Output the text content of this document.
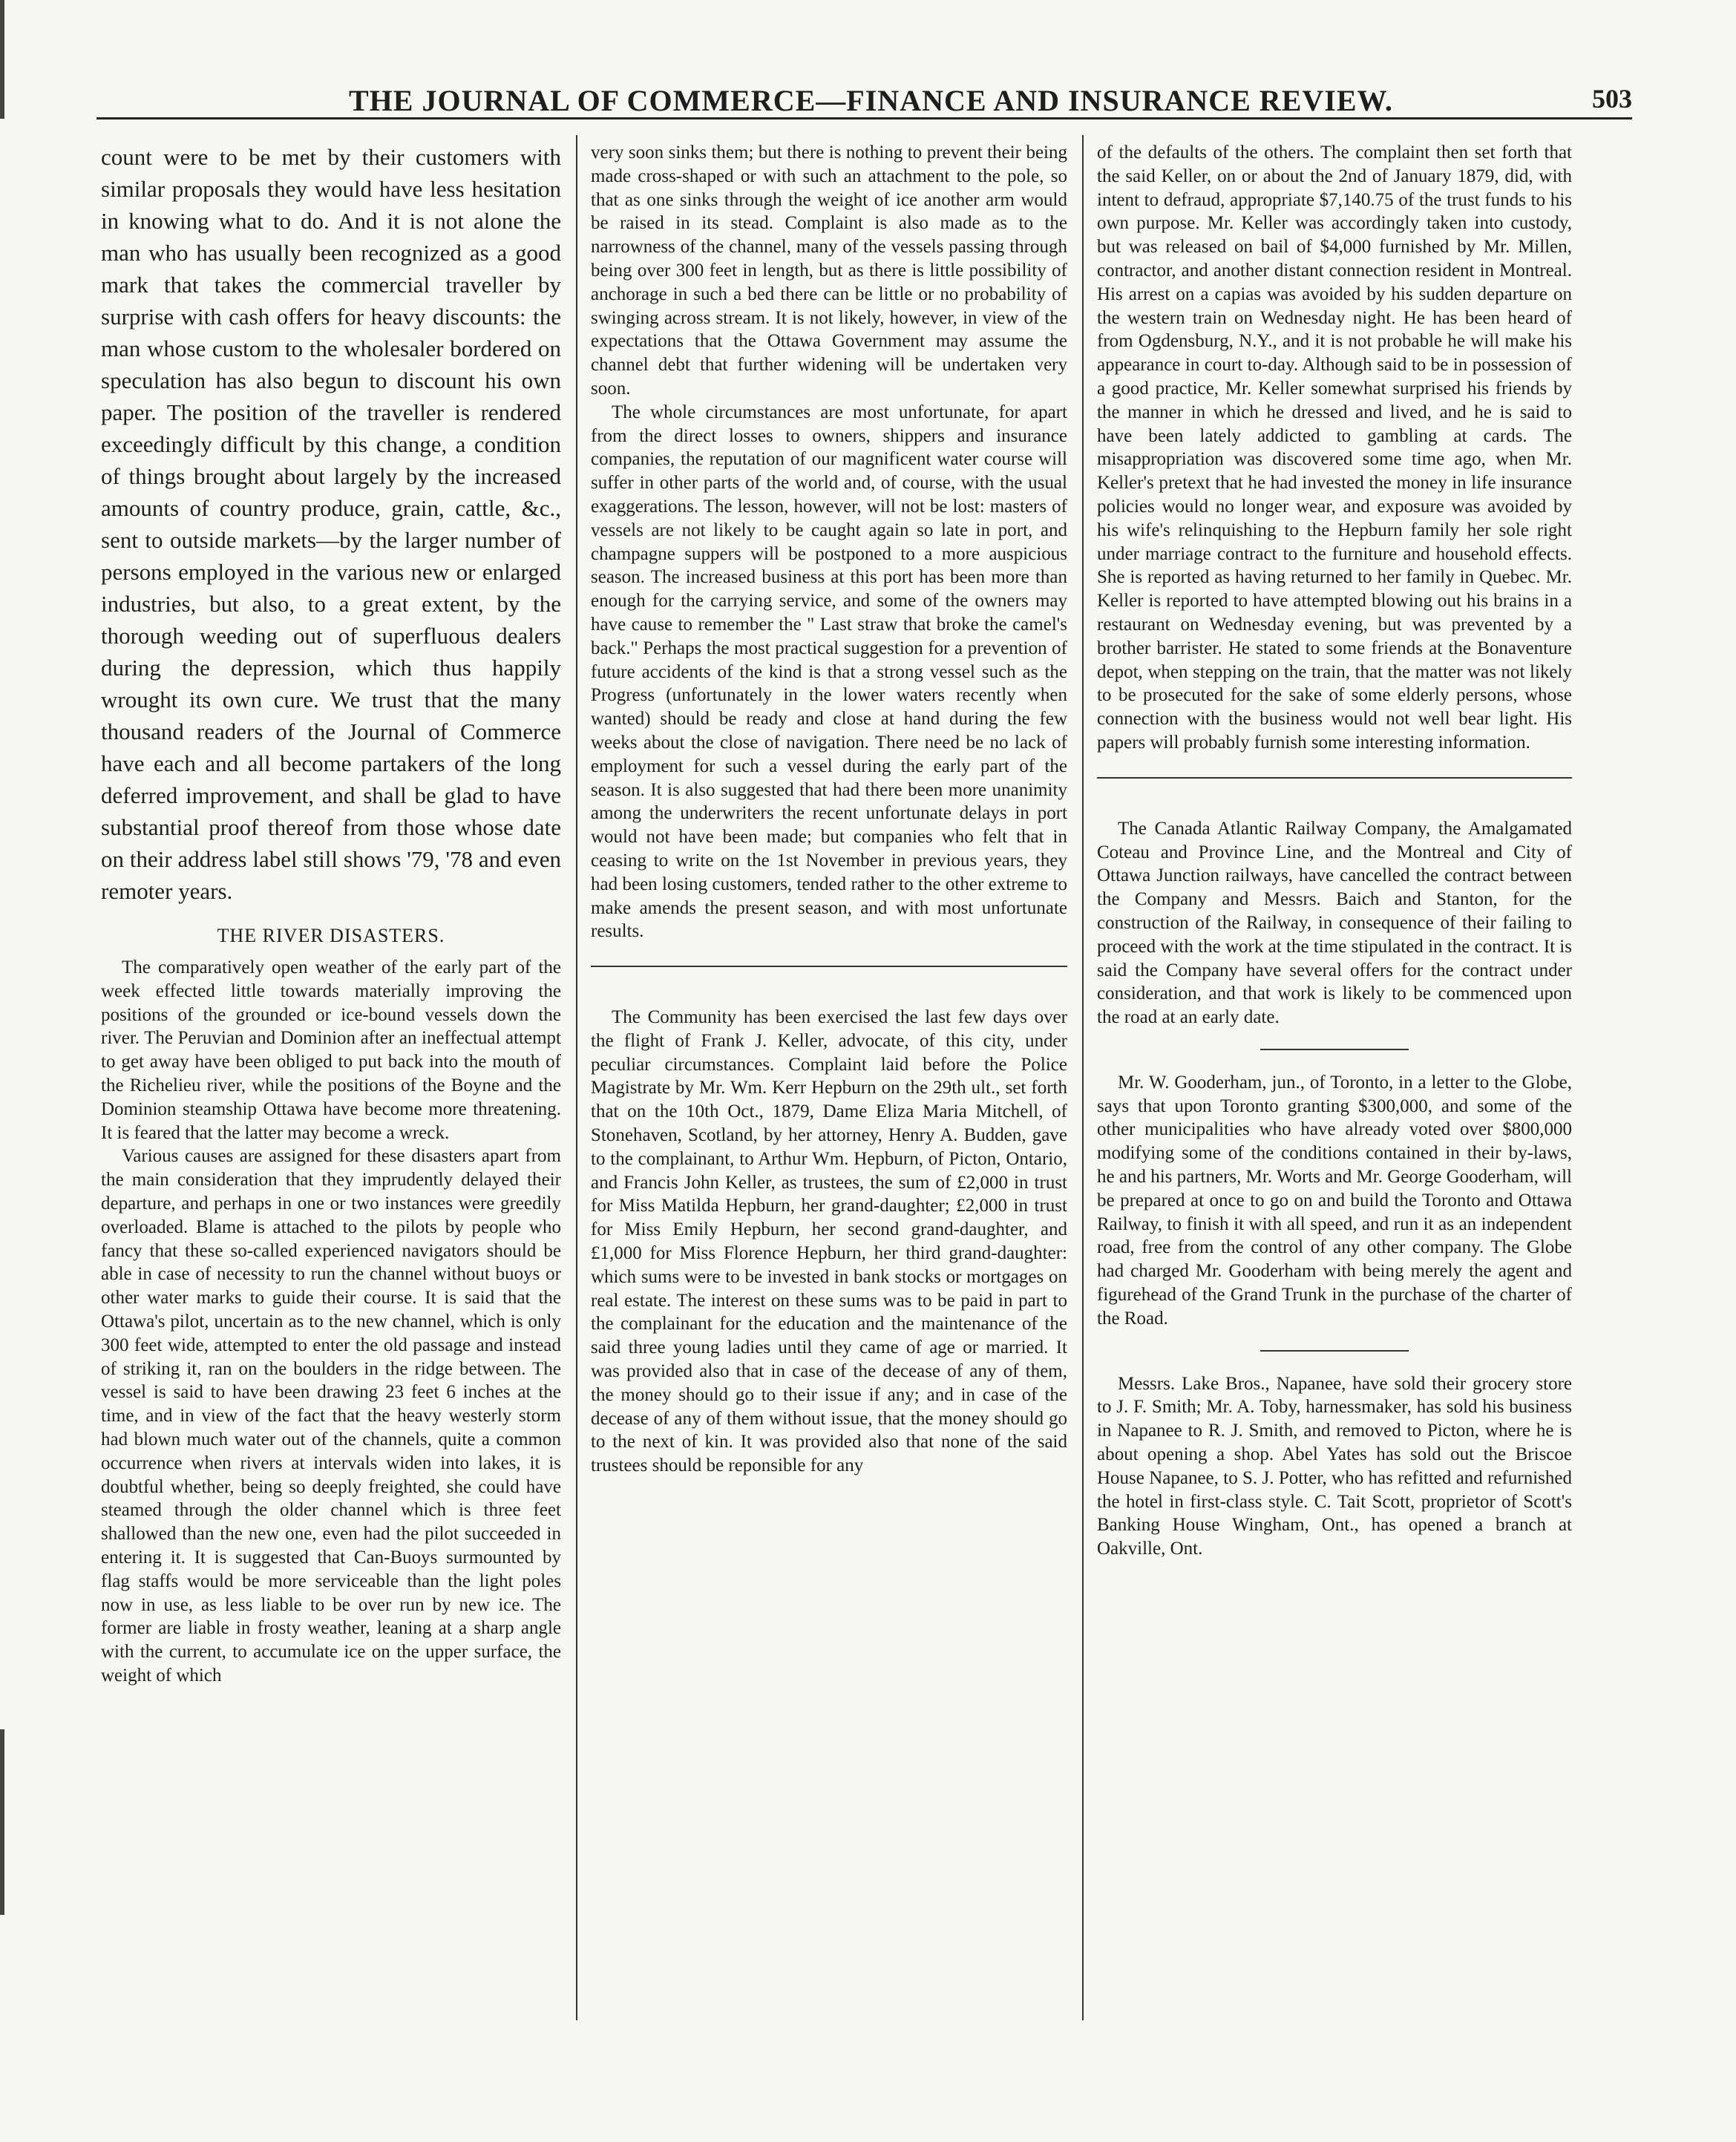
THE JOURNAL OF COMMERCE—FINANCE AND INSURANCE REVIEW.	503

count were to be met by their customers with similar proposals they would have less hesitation in knowing what to do. And it is not alone the man who has usually been recognized as a good mark that takes the commercial traveller by surprise with cash offers for heavy discounts: the man whose custom to the wholesaler bordered on speculation has also begun to discount his own paper. The position of the traveller is rendered exceedingly difficult by this change, a condition of things brought about largely by the increased amounts of country produce, grain, cattle, &c., sent to outside markets—by the larger number of persons employed in the various new or enlarged industries, but also, to a great extent, by the thorough weeding out of superfluous dealers during the depression, which thus happily wrought its own cure. We trust that the many thousand readers of the Journal of Commerce have each and all become partakers of the long deferred improvement, and shall be glad to have substantial proof thereof from those whose date on their address label still shows '79, '78 and even remoter years.

THE RIVER DISASTERS.

The comparatively open weather of the early part of the week effected little towards materially improving the positions of the grounded or ice-bound vessels down the river. The Peruvian and Dominion after an ineffectual attempt to get away have been obliged to put back into the mouth of the Richelieu river, while the positions of the Boyne and the Dominion steamship Ottawa have become more threatening. It is feared that the latter may become a wreck.

Various causes are assigned for these disasters apart from the main consideration that they imprudently delayed their departure, and perhaps in one or two instances were greedily overloaded. Blame is attached to the pilots by people who fancy that these so-called experienced navigators should be able in case of necessity to run the channel without buoys or other water marks to guide their course. It is said that the Ottawa's pilot, uncertain as to the new channel, which is only 300 feet wide, attempted to enter the old passage and instead of striking it, ran on the boulders in the ridge between. The vessel is said to have been drawing 23 feet 6 inches at the time, and in view of the fact that the heavy westerly storm had blown much water out of the channels, quite a common occurrence when rivers at intervals widen into lakes, it is doubtful whether, being so deeply freighted, she could have steamed through the older channel which is three feet shallowed than the new one, even had the pilot succeeded in entering it. It is suggested that Can-Buoys surmounted by flag staffs would be more serviceable than the light poles now in use, as less liable to be over run by new ice. The former are liable in frosty weather, leaning at a sharp angle with the current, to accumulate ice on the upper surface, the weight of which

very soon sinks them; but there is nothing to prevent their being made cross-shaped or with such an attachment to the pole, so that as one sinks through the weight of ice another arm would be raised in its stead. Complaint is also made as to the narrowness of the channel, many of the vessels passing through being over 300 feet in length, but as there is little possibility of anchorage in such a bed there can be little or no probability of swinging across stream. It is not likely, however, in view of the expectations that the Ottawa Government may assume the channel debt that further widening will be undertaken very soon.

The whole circumstances are most unfortunate, for apart from the direct losses to owners, shippers and insurance companies, the reputation of our magnificent water course will suffer in other parts of the world and, of course, with the usual exaggerations. The lesson, however, will not be lost: masters of vessels are not likely to be caught again so late in port, and champagne suppers will be postponed to a more auspicious season. The increased business at this port has been more than enough for the carrying service, and some of the owners may have cause to remember the " Last straw that broke the camel's back." Perhaps the most practical suggestion for a prevention of future accidents of the kind is that a strong vessel such as the Progress (unfortunately in the lower waters recently when wanted) should be ready and close at hand during the few weeks about the close of navigation. There need be no lack of employment for such a vessel during the early part of the season. It is also suggested that had there been more unanimity among the underwriters the recent unfortunate delays in port would not have been made; but companies who felt that in ceasing to write on the 1st November in previous years, they had been losing customers, tended rather to the other extreme to make amends the present season, and with most unfortunate results.

The Community has been exercised the last few days over the flight of Frank J. Keller, advocate, of this city, under peculiar circumstances. Complaint laid before the Police Magistrate by Mr. Wm. Kerr Hepburn on the 29th ult., set forth that on the 10th Oct., 1879, Dame Eliza Maria Mitchell, of Stonehaven, Scotland, by her attorney, Henry A. Budden, gave to the complainant, to Arthur Wm. Hepburn, of Picton, Ontario, and Francis John Keller, as trustees, the sum of £2,000 in trust for Miss Matilda Hepburn, her grand-daughter; £2,000 in trust for Miss Emily Hepburn, her second grand-daughter, and £1,000 for Miss Florence Hepburn, her third grand-daughter: which sums were to be invested in bank stocks or mortgages on real estate. The interest on these sums was to be paid in part to the complainant for the education and the maintenance of the said three young ladies until they came of age or married. It was provided also that in case of the decease of any of them, the money should go to their issue if any; and in case of the decease of any of them without issue, that the money should go to the next of kin. It was provided also that none of the said trustees should be reponsible for any

of the defaults of the others. The complaint then set forth that the said Keller, on or about the 2nd of January 1879, did, with intent to defraud, appropriate $7,140.75 of the trust funds to his own purpose. Mr. Keller was accordingly taken into custody, but was released on bail of $4,000 furnished by Mr. Millen, contractor, and another distant connection resident in Montreal. His arrest on a capias was avoided by his sudden departure on the western train on Wednesday night. He has been heard of from Ogdensburg, N.Y., and it is not probable he will make his appearance in court to-day. Although said to be in possession of a good practice, Mr. Keller somewhat surprised his friends by the manner in which he dressed and lived, and he is said to have been lately addicted to gambling at cards. The misappropriation was discovered some time ago, when Mr. Keller's pretext that he had invested the money in life insurance policies would no longer wear, and exposure was avoided by his wife's relinquishing to the Hepburn family her sole right under marriage contract to the furniture and household effects. She is reported as having returned to her family in Quebec. Mr. Keller is reported to have attempted blowing out his brains in a restaurant on Wednesday evening, but was prevented by a brother barrister. He stated to some friends at the Bonaventure depot, when stepping on the train, that the matter was not likely to be prosecuted for the sake of some elderly persons, whose connection with the business would not well bear light. His papers will probably furnish some interesting information.

The Canada Atlantic Railway Company, the Amalgamated Coteau and Province Line, and the Montreal and City of Ottawa Junction railways, have cancelled the contract between the Company and Messrs. Baich and Stanton, for the construction of the Railway, in consequence of their failing to proceed with the work at the time stipulated in the contract. It is said the Company have several offers for the contract under consideration, and that work is likely to be commenced upon the road at an early date.

Mr. W. Gooderham, jun., of Toronto, in a letter to the Globe, says that upon Toronto granting $300,000, and some of the other municipalities who have already voted over $800,000 modifying some of the conditions contained in their by-laws, he and his partners, Mr. Worts and Mr. George Gooderham, will be prepared at once to go on and build the Toronto and Ottawa Railway, to finish it with all speed, and run it as an independent road, free from the control of any other company. The Globe had charged Mr. Gooderham with being merely the agent and figurehead of the Grand Trunk in the purchase of the charter of the Road.

Messrs. Lake Bros., Napanee, have sold their grocery store to J. F. Smith; Mr. A. Toby, harnessmaker, has sold his business in Napanee to R. J. Smith, and removed to Picton, where he is about opening a shop. Abel Yates has sold out the Briscoe House Napanee, to S. J. Potter, who has refitted and refurnished the hotel in first-class style. C. Tait Scott, proprietor of Scott's Banking House Wingham, Ont., has opened a branch at Oakville, Ont.
